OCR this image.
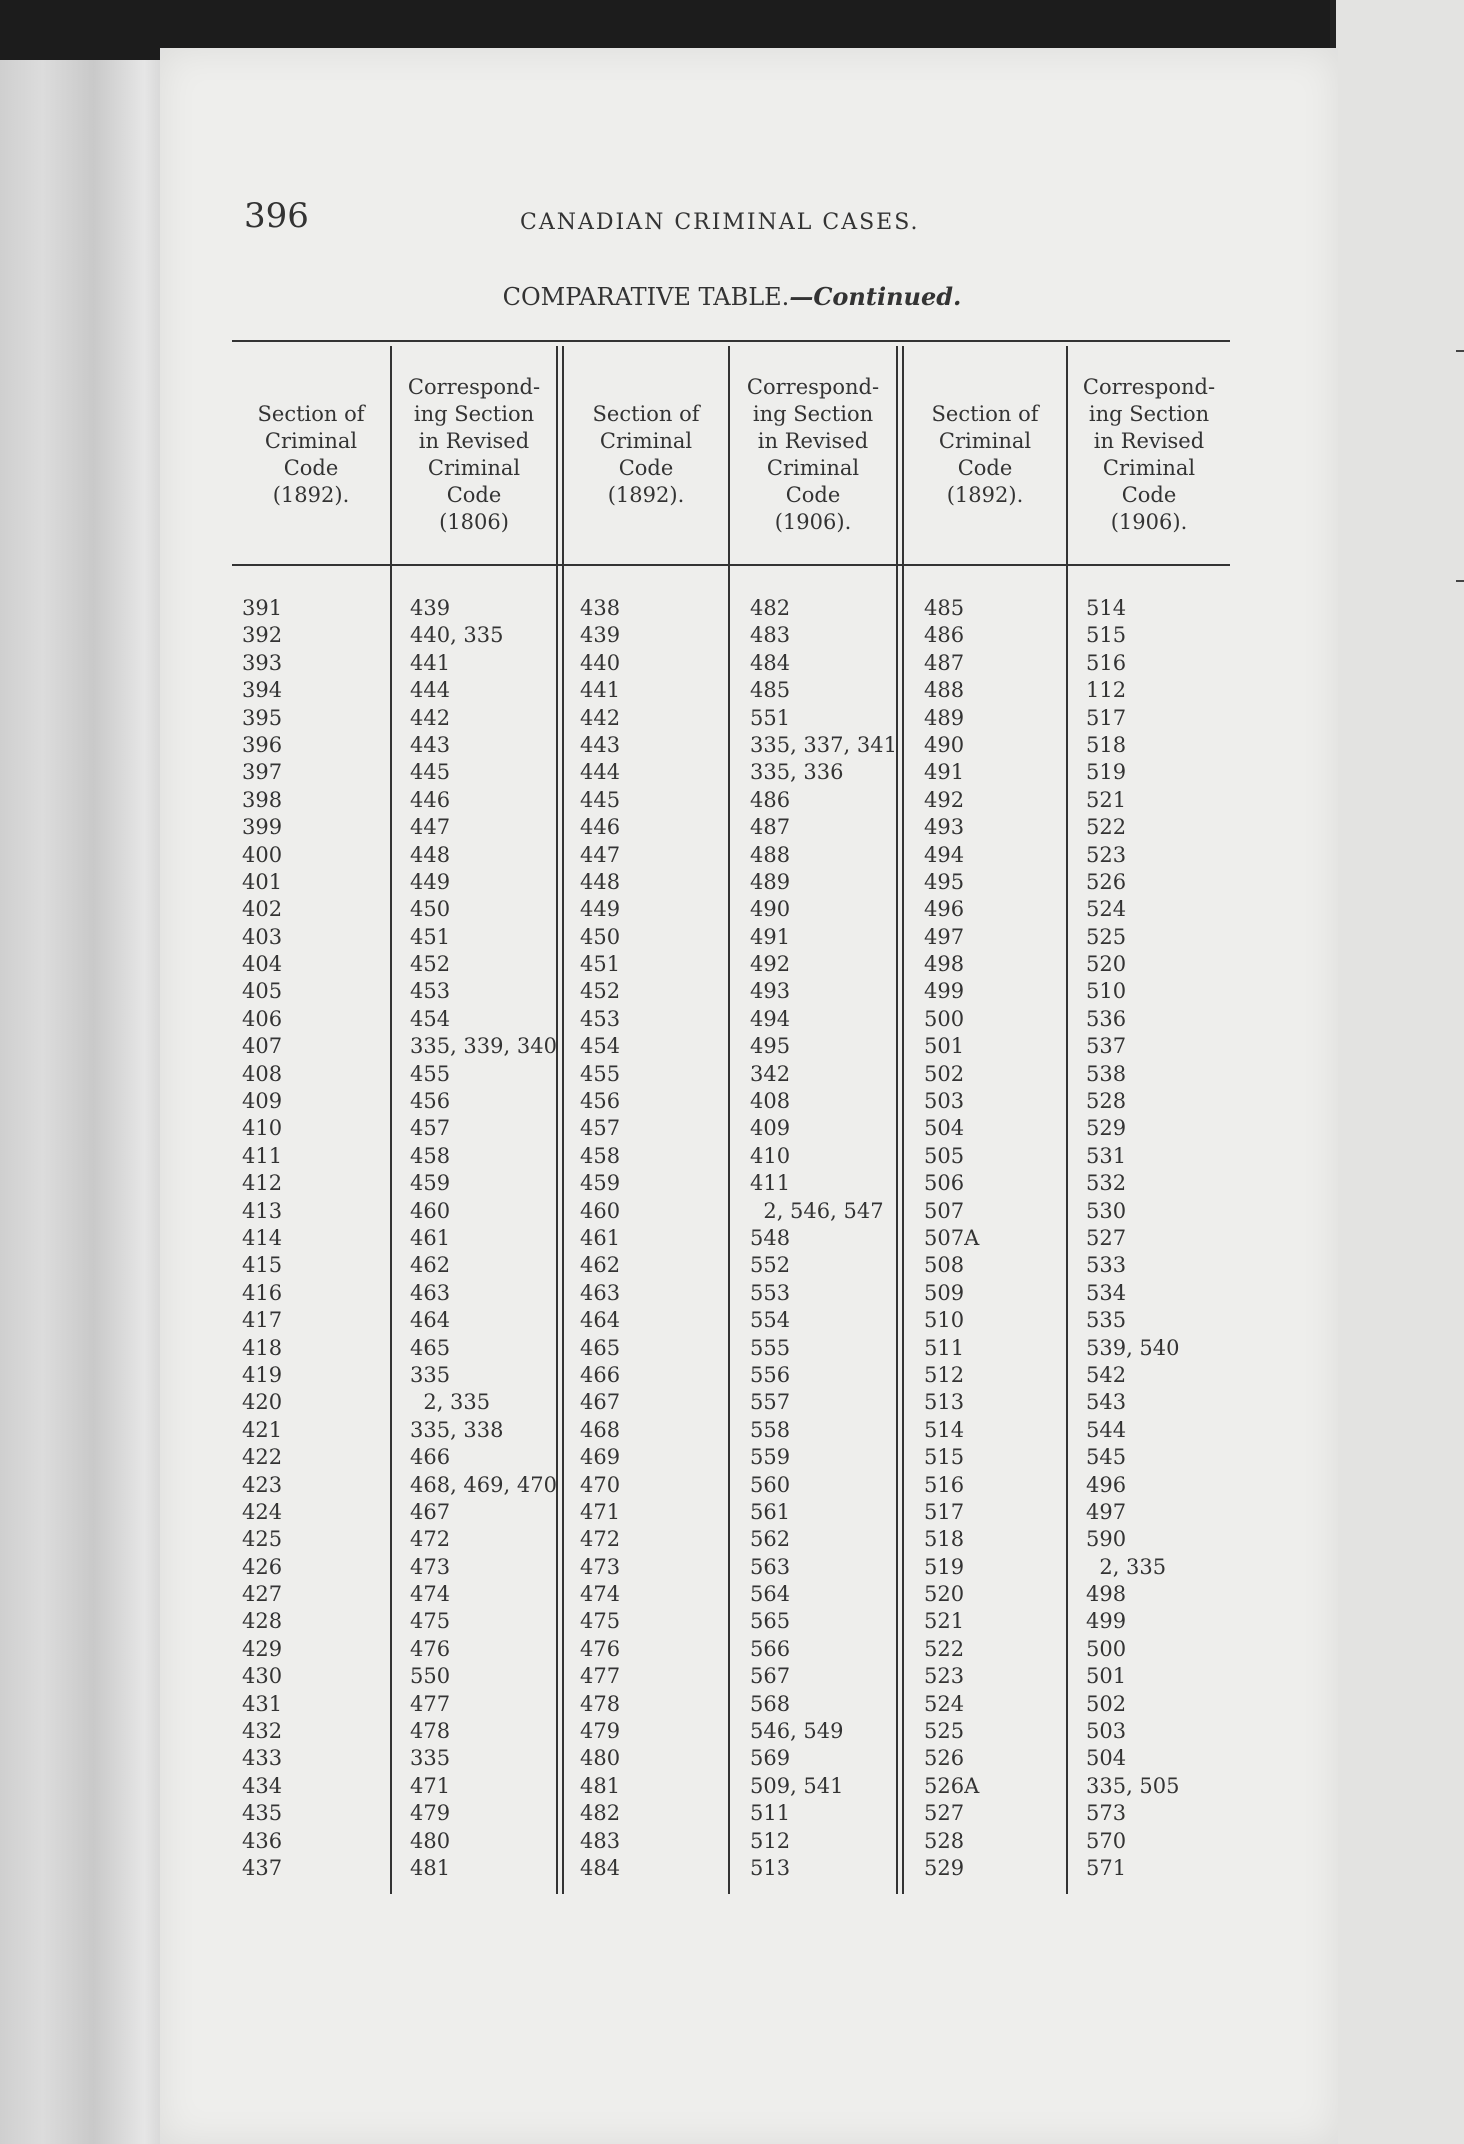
396	CANADIAN CRIMINAL CASES.
COMPARATIVE TABLE.—Continued.
Section of
Criminal
Code
(1892).
Correspond-
ing Section
in Revised
Criminal
Code
(1806)
Section of
Criminal
Code
(1892).
Correspond-
ing Section
in Revised
Criminal
Code
(1906).
Section of
Criminal
Code
(1892).
Correspond-
ing Section
in Revised
Criminal
Code
(1906).
391
392
393
394
395
396
397
398
399
400
401
402
403
404
405
406
407
408
409
410
411
412
413
414
415
416
417
418
419
420
421
422
423
424
425
426
427
428
429
430
431
432
433
434
435
436
437
439
440, 335
441
444
442
443
445
446
447
448
449
450
451
452
453
454
335, 339, 340
455
456
457
458
459
460
461
462
463
464
465
335
2, 335
335, 338
466
468, 469, 470
467
472
473
474
475
476
550
477
478
335
471
479
480
481
438
439
440
441
442
443
444
445
446
447
448
449
450
451
452
453
454
455
456
457
458
459
460
461
462
463
464
465
466
467
468
469
470
471
472
473
474
475
476
477
478
479
480
481
482
483
484
482
483
484
485
551
335, 337, 341
335, 336
486
487
488
489
490
491
492
493
494
495
342
408
409
410
411
2, 546, 547
548
552
553
554
555
556
557
558
559
560
561
562
563
564
565
566
567
568
546, 549
569
509, 541
511
512
513
485
486
487
488
489
490
491
492
493
494
495
496
497
498
499
500
501
502
503
504
505
506
507
507A
508
509
510
511
512
513
514
515
516
517
518
519
520
521
522
523
524
525
526
526A
527
528
529
514
515
516
112
517
518
519
521
522
523
526
524
525
520
510
536
537
538
528
529
531
532
530
527
533
534
535
539, 540
542
543
544
545
496
497
590
2, 335
498
499
500
501
502
503
504
335, 505
573
570
571
